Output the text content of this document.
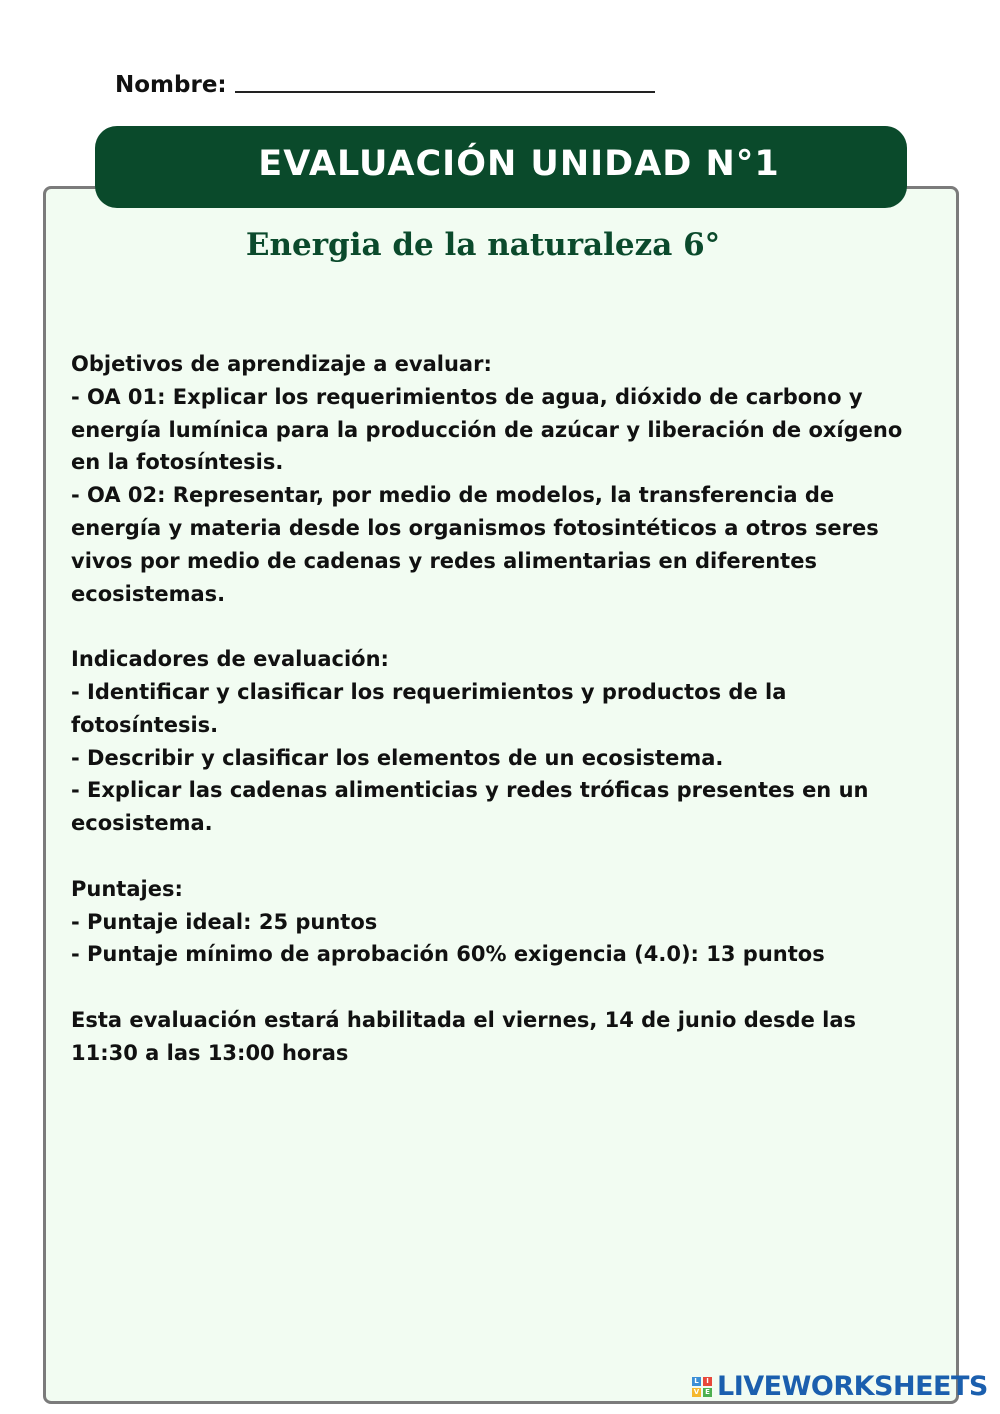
Nombre:
EVALUACIÓN UNIDAD N°1
Energia de la naturaleza 6°

Objetivos de aprendizaje a evaluar:

- OA 01: Explicar los requerimientos de agua, dióxido de carbono y energía lumínica para la producción de azúcar y liberación de oxígeno en la fotosíntesis.

- OA 02: Representar, por medio de modelos, la transferencia de energía y materia desde los organismos fotosintéticos a otros seres vivos por medio de cadenas y redes alimentarias en diferentes ecosistemas.

Indicadores de evaluación:

- Identificar y clasificar los requerimientos y productos de la fotosíntesis.

- Describir y clasificar los elementos de un ecosistema.

- Explicar las cadenas alimenticias y redes tróficas presentes en un ecosistema.

Puntajes:

- Puntaje ideal: 25 puntos

- Puntaje mínimo de aprobación 60% exigencia (4.0): 13 puntos

Esta evaluación estará habilitada el viernes, 14 de junio desde las 11:30 a las 13:00 horas

L	I
V E LIVEWORKSHEETS
